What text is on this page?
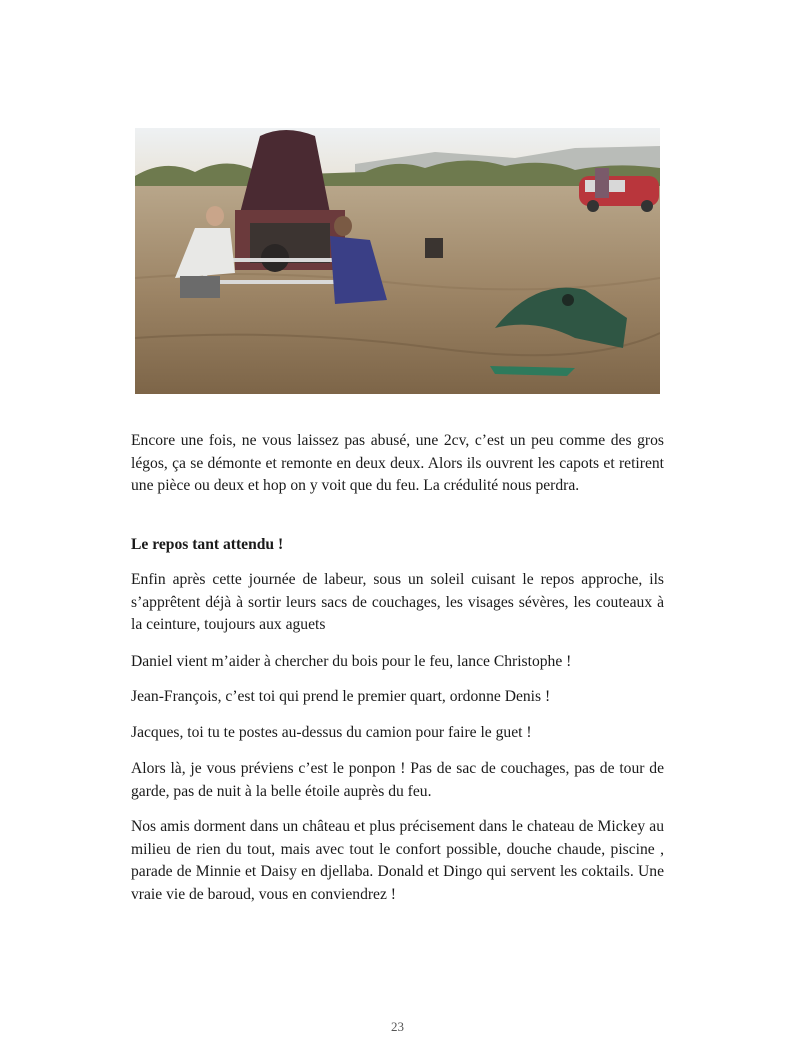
Encore une fois, ne vous laissez pas abusé, une 2cv, c’est un peu comme des gros légos, ça se démonte et remonte en deux deux. Alors ils ouvrent les capots et retirent une pièce ou deux et hop on y voit que du feu. La crédulité nous perdra.

Le repos tant attendu !

Enfin après cette journée de labeur, sous un soleil cuisant le repos approche, ils s’apprêtent déjà à sortir leurs sacs de couchages, les visages sévères, les couteaux à la ceinture, toujours aux aguets

Daniel vient m’aider à chercher du bois pour le feu, lance Christophe !

Jean-François, c’est toi qui prend le premier quart, ordonne Denis !

Jacques, toi tu te postes au-dessus du camion pour faire le guet !

Alors là, je vous préviens c’est le ponpon ! Pas de sac de couchages, pas de tour de garde, pas de nuit à la belle étoile auprès du feu.

Nos amis dorment dans un château et plus précisement dans le chateau de Mickey au milieu de rien du tout, mais avec tout le confort possible, douche chaude, piscine , parade de Minnie et Daisy en djellaba. Donald et Dingo qui servent les coktails. Une vraie vie de baroud, vous en conviendrez !

23
